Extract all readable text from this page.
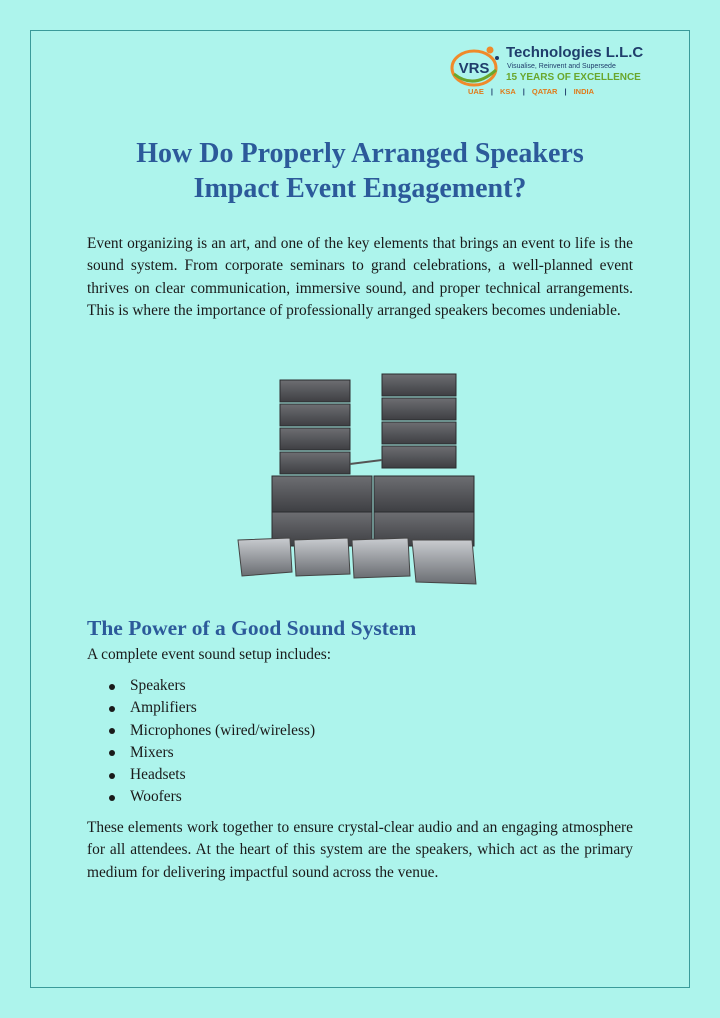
VRS
Technologies L.L.C
Visualise, Reinvent and Supersede
15 YEARS OF EXCELLENCE
UAE | KSA | QATAR | INDIA
How Do Properly Arranged Speakers
Impact Event Engagement?

Event organizing is an art, and one of the key elements that brings an event to life is the sound system. From corporate seminars to grand celebrations, a well-planned event thrives on clear communication, immersive sound, and proper technical arrangements. This is where the importance of professionally arranged speakers becomes undeniable.

The Power of a Good Sound System

A complete event sound setup includes:

Speakers
Amplifiers
Microphones (wired/wireless)
Mixers
Headsets
Woofers

These elements work together to ensure crystal-clear audio and an engaging atmosphere for all attendees. At the heart of this system are the speakers, which act as the primary medium for delivering impactful sound across the venue.
